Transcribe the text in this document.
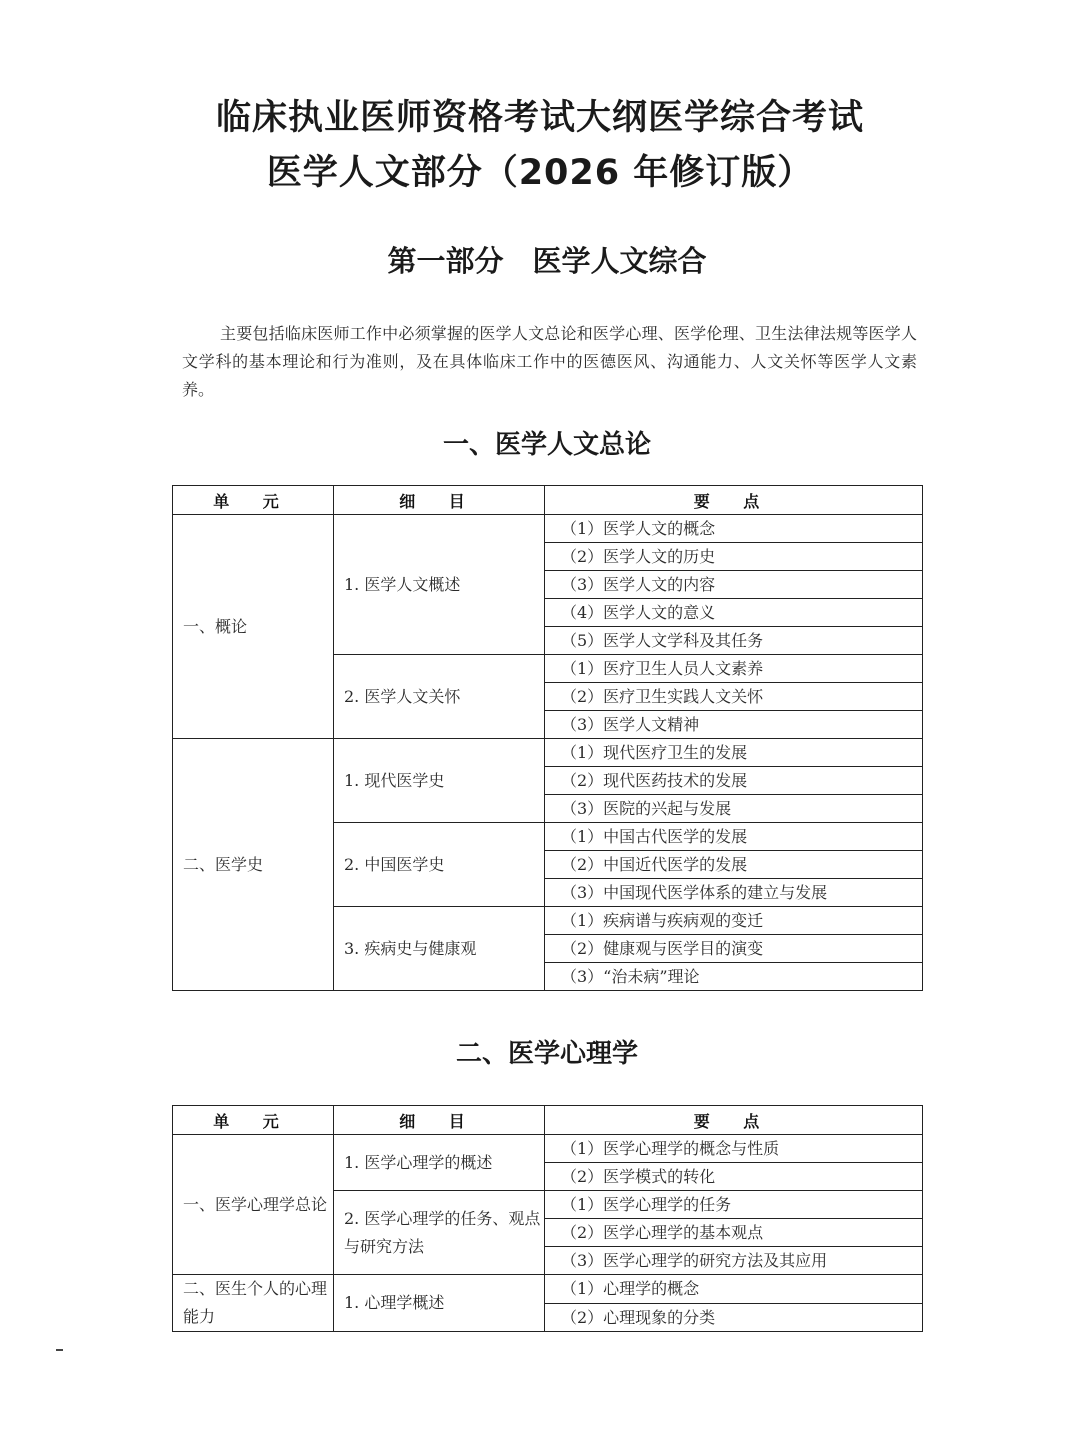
临床执业医师资格考试大纲医学综合考试
医学人文部分（2026 年修订版）
第一部分　医学人文综合

主要包括临床医师工作中必须掌握的医学人文总论和医学心理、医学伦理、卫生法律法规等医学人文学科的基本理论和行为准则，及在具体临床工作中的医德医风、沟通能力、人文关怀等医学人文素养。

一、医学人文总论
单 元	细 目	要 点
一、概论	1. 医学人文概述	（1）医学人文的概念
		（2）医学人文的历史
		（3）医学人文的内容
		（4）医学人文的意义
		（5）医学人文学科及其任务
	2. 医学人文关怀	（1）医疗卫生人员人文素养
		（2）医疗卫生实践人文关怀
		（3）医学人文精神
二、医学史	1. 现代医学史	（1）现代医疗卫生的发展
		（2）现代医药技术的发展
		（3）医院的兴起与发展
	2. 中国医学史	（1）中国古代医学的发展
		（2）中国近代医学的发展
		（3）中国现代医学体系的建立与发展
	3. 疾病史与健康观	（1）疾病谱与疾病观的变迁
		（2）健康观与医学目的演变
		（3）“治未病”理论
二、医学心理学
单 元	细 目	要 点
一、医学心理学总论	1. 医学心理学的概述	（1）医学心理学的概念与性质
		（2）医学模式的转化
	2. 医学心理学的任务、观点与研究方法	（1）医学心理学的任务
		（2）医学心理学的基本观点
		（3）医学心理学的研究方法及其应用
二、医生个人的心理能力	1. 心理学概述	（1）心理学的概念
		（2）心理现象的分类
